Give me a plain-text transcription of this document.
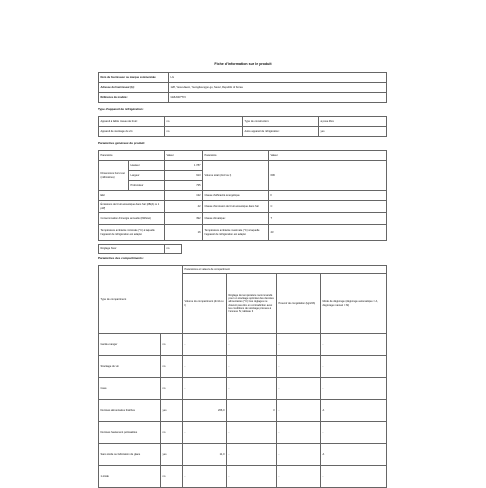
Fiche d'information sur le produit
Nom du fournisseur ou marque commerciale	LG
Adresse du fournisseur (b):	128, Yeoui-daero, Yeongdeungpo-gu, Seoul, Republic of Korea
Référence du modèle:	GML844**KV
Type d'appareil de réfrigération:
Appareil à faible niveau de bruit:	no	Type de construction:	à pose libre
Appareil de stockage du vin:	no	Autre appareil de réfrigération:	yes
Paramètres généraux du produit:
Paramètre		Valeur	Paramètre	Valeur
Dimensions hors tout (millimètres)	Hauteur	1 787	Volume total (dm3 ou l)	606
	Largeur	913		
	Profondeur	735		
EEI		132	Classe d'efficacité énergétique	F
Émissions de bruit acoustique dans l'air [dB(A) re 1 pW]		42	Classe d'émission de bruit acoustique dans l'air	C
Consommation d'énergie annuelle (kWh/an)		392	Classe climatique:	T
Température ambiante minimale (°C) à laquelle l'appareil de réfrigération est adapté		16	Température ambiante maximale (°C) à laquelle l'appareil de réfrigération est adapté	43
Réglage hiver	no
Paramètres des compartiments:
Type de compartiment		Paramètres et valeurs de compartiment			
		Volume du compartiment (dm3 ou l)	Réglage de température recommandé pour un stockage optimisé des denrées alimentaires (°C) Ces réglages ne doivent pas être en contradiction avec les conditions de stockage prévues à l'annexe IV, tableau 3	Pouvoir de congélation (kg/24h)	Mode de dégivrage (dégivrage automatique = A, dégivrage manuel = M)
Garde-manger	no	-	-	-	-
Stockage du vin	no	-	-	-	-
Cave	no	-	-	-	-
Denrées alimentaires fraîches	yes	266,0	3	-	A
Denrées hautement périssables	no	-	-	-	-
Sans étoile ou fabrication de glace	yes	11,0	-	-	A
1 étoile	no	-	-	-	-
